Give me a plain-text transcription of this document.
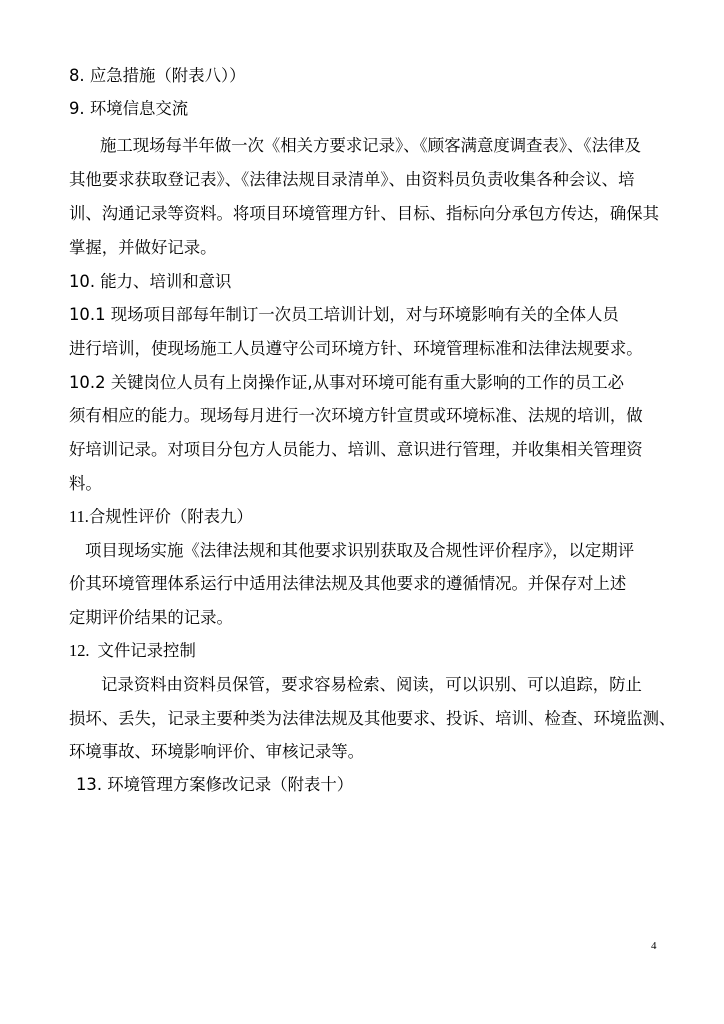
8. 应急措施（附表八））
9. 环境信息交流
施工现场每半年做一次《相关方要求记录》、《顾客满意度调查表》、《法律及
其他要求获取登记表》、《法律法规目录清单》、由资料员负责收集各种会议、培
训、沟通记录等资料。将项目环境管理方针、目标、指标向分承包方传达，确保其
掌握，并做好记录。
10. 能力、培训和意识
10.1 现场项目部每年制订一次员工培训计划，对与环境影响有关的全体人员
进行培训，使现场施工人员遵守公司环境方针、环境管理标准和法律法规要求。
10.2 关键岗位人员有上岗操作证,从事对环境可能有重大影响的工作的员工必
须有相应的能力。现场每月进行一次环境方针宣贯或环境标准、法规的培训，做
好培训记录。对项目分包方人员能力、培训、意识进行管理，并收集相关管理资
料。
11.合规性评价（附表九）
项目现场实施《法律法规和其他要求识别获取及合规性评价程序》，以定期评
价其环境管理体系运行中适用法律法规及其他要求的遵循情况。并保存对上述
定期评价结果的记录。
12. 文件记录控制
记录资料由资料员保管，要求容易检索、阅读，可以识别、可以追踪，防止
损坏、丢失，记录主要种类为法律法规及其他要求、投诉、培训、检查、环境监测、
环境事故、环境影响评价、审核记录等。
13. 环境管理方案修改记录（附表十）
4
